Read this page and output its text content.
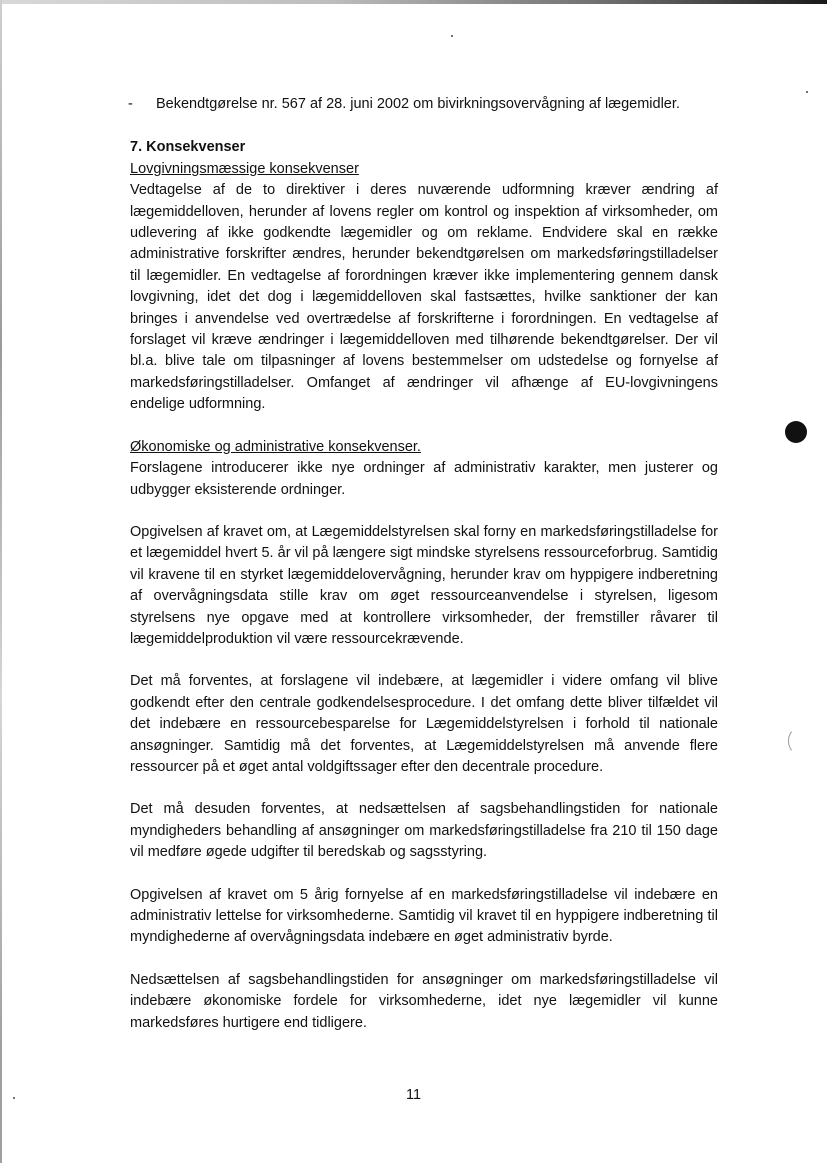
-	Bekendtgørelse nr. 567 af 28. juni 2002 om bivirkningsovervågning af lægemidler.

7. Konsekvenser

Lovgivningsmæssige konsekvenser

Vedtagelse af de to direktiver i deres nuværende udformning kræver ændring af lægemiddelloven, herunder af lovens regler om kontrol og inspektion af virksomheder, om udlevering af ikke godkendte lægemidler og om reklame. Endvidere skal en række administrative forskrifter ændres, herunder bekendtgørelsen om markedsføringstilladelser til lægemidler. En vedtagelse af forordningen kræver ikke implementering gennem dansk lovgivning, idet det dog i lægemiddelloven skal fastsættes, hvilke sanktioner der kan bringes i anvendelse ved overtrædelse af forskrifterne i forordningen. En vedtagelse af forslaget vil kræve ændringer i lægemiddelloven med tilhørende bekendtgørelser. Der vil bl.a. blive tale om tilpasninger af lovens bestemmelser om udstedelse og fornyelse af markedsføringstilladelser. Omfanget af ændringer vil afhænge af EU-lovgivningens endelige udformning.

Økonomiske og administrative konsekvenser.

Forslagene introducerer ikke nye ordninger af administrativ karakter, men justerer og udbygger eksisterende ordninger.

Opgivelsen af kravet om, at Lægemiddelstyrelsen skal forny en markedsføringstilladelse for et lægemiddel hvert 5. år vil på længere sigt mindske styrelsens ressourceforbrug. Samtidig vil kravene til en styrket lægemiddelovervågning, herunder krav om hyppigere indberetning af overvågningsdata stille krav om øget ressourceanvendelse i styrelsen, ligesom styrelsens nye opgave med at kontrollere virksomheder, der fremstiller råvarer til lægemiddelproduktion vil være ressourcekrævende.

Det må forventes, at forslagene vil indebære, at lægemidler i videre omfang vil blive godkendt efter den centrale godkendelsesprocedure. I det omfang dette bliver tilfældet vil det indebære en ressourcebesparelse for Lægemiddelstyrelsen i forhold til nationale ansøgninger. Samtidig må det forventes, at Lægemiddelstyrelsen må anvende flere ressourcer på et øget antal voldgiftssager efter den decentrale procedure.

Det må desuden forventes, at nedsættelsen af sagsbehandlingstiden for nationale myndigheders behandling af ansøgninger om markedsføringstilladelse fra 210 til 150 dage vil medføre øgede udgifter til beredskab og sagsstyring.

Opgivelsen af kravet om 5 årig fornyelse af en markedsføringstilladelse vil indebære en administrativ lettelse for virksomhederne. Samtidig vil kravet til en hyppigere indberetning til myndighederne af overvågningsdata indebære en øget administrativ byrde.

Nedsættelsen af sagsbehandlingstiden for ansøgninger om markedsføringstilladelse vil indebære økonomiske fordele for virksomhederne, idet nye lægemidler vil kunne markedsføres hurtigere end tidligere.

11
